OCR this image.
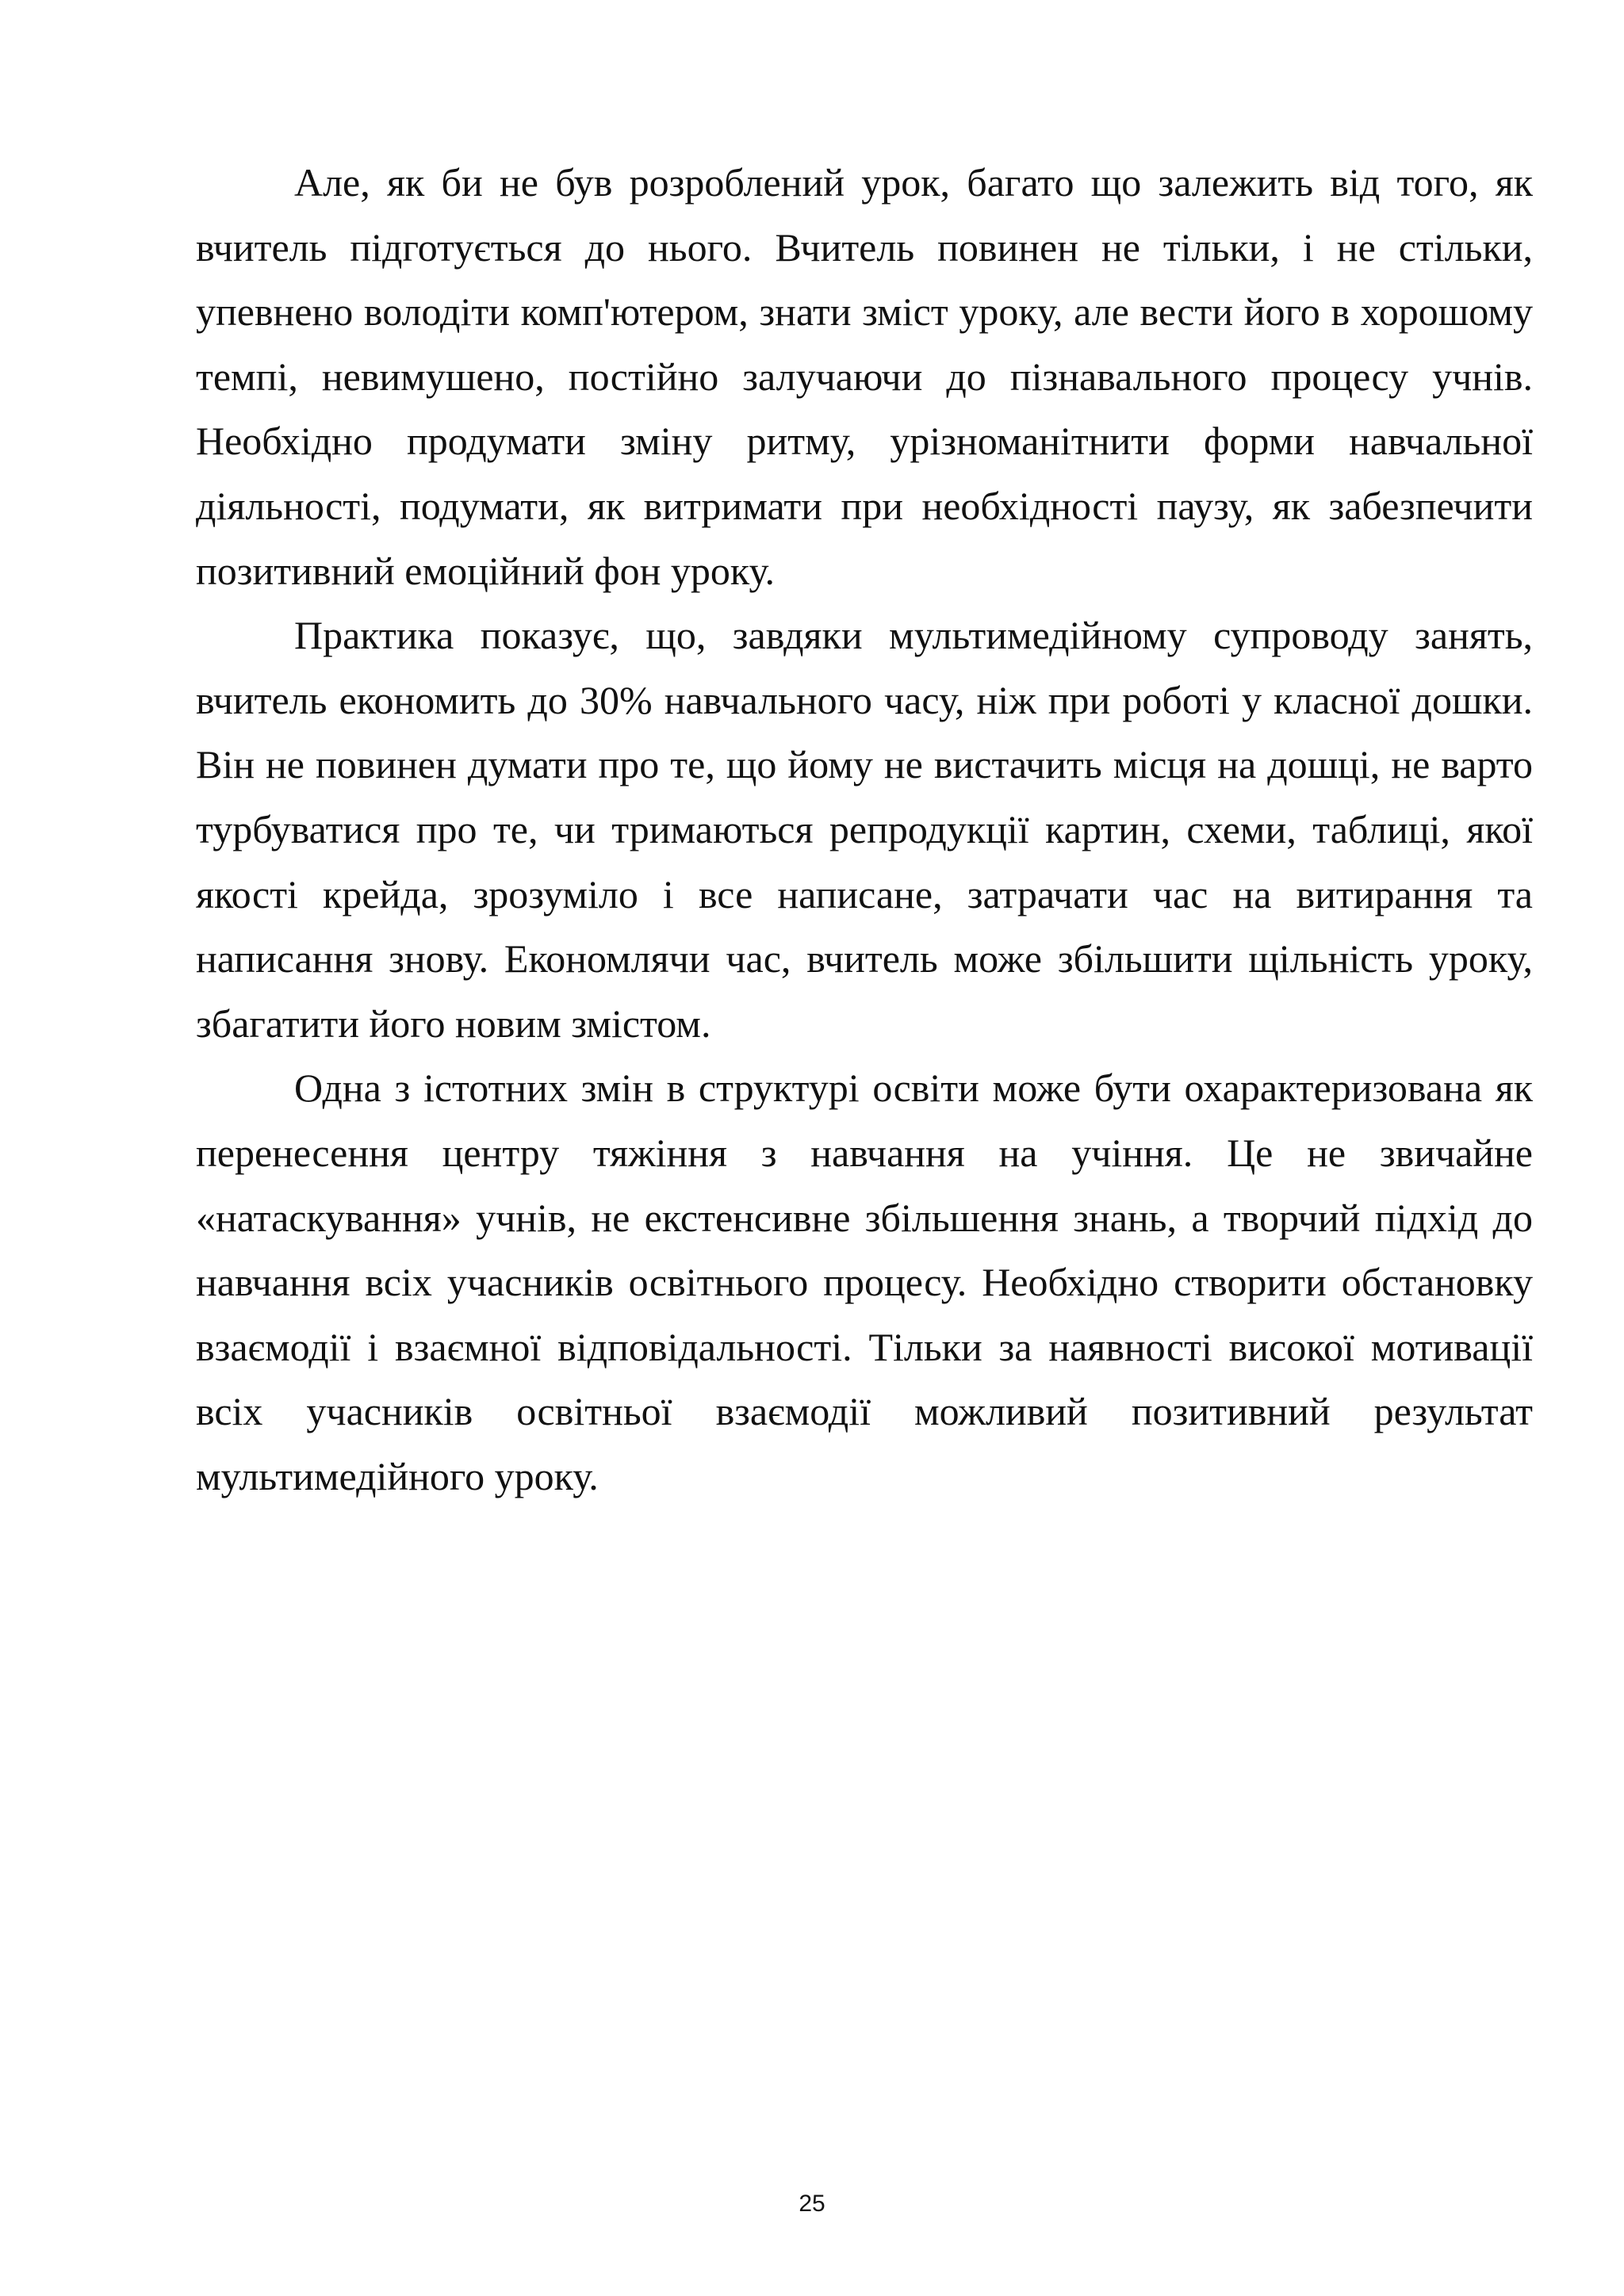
Але, як би не був розроблений урок, багато що залежить від того, як вчитель підготується до нього. Вчитель повинен не тільки, і не стільки, упевнено володіти комп'ютером, знати зміст уроку, але вести його в хорошому темпі, невимушено, постійно залучаючи до пізнавального процесу учнів. Необхідно продумати зміну ритму, урізноманітнити форми навчальної діяльності, подумати, як витримати при необхідності паузу, як забезпечити позитивний емоційний фон уроку.

Практика показує, що, завдяки мультимедійному супроводу занять, вчитель економить до 30% навчального часу, ніж при роботі у класної дошки. Він не повинен думати про те, що йому не вистачить місця на дошці, не варто турбуватися про те, чи тримаються репродукції картин, схеми, таблиці, якої якості крейда, зрозуміло і все написане, затрачати час на витирання та написання знову. Економлячи час, вчитель може збільшити щільність уроку, збагатити його новим змістом.

Одна з істотних змін в структурі освіти може бути охарактеризована як перенесення центру тяжіння з навчання на учіння. Це не звичайне «натаскування» учнів, не екстенсивне збільшення знань, а творчий підхід до навчання всіх учасників освітнього процесу. Необхідно створити обстановку взаємодії і взаємної відповідальності. Тільки за наявності високої мотивації всіх учасників освітньої взаємодії можливий позитивний результат мультимедійного уроку.

25
